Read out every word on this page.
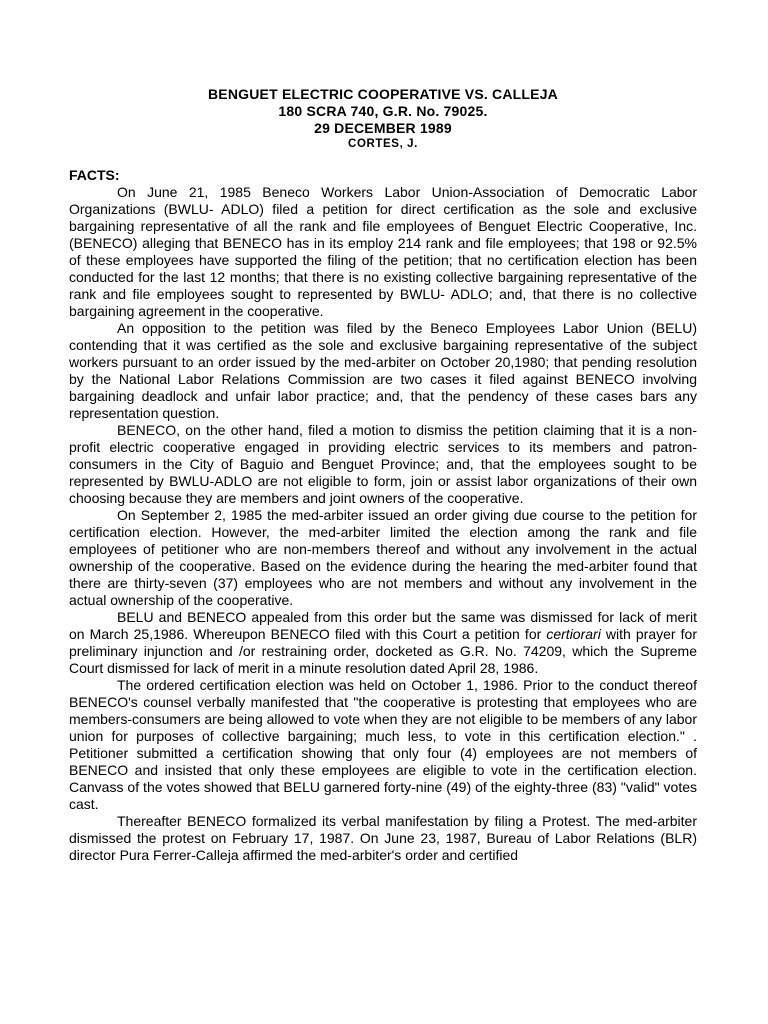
BENGUET ELECTRIC COOPERATIVE VS. CALLEJA
180 SCRA 740, G.R. No. 79025.
29 DECEMBER 1989
CORTES, J.
FACTS:

On June 21, 1985 Beneco Workers Labor Union-Association of Democratic Labor Organizations (BWLU- ADLO) filed a petition for direct certification as the sole and exclusive bargaining representative of all the rank and file employees of Benguet Electric Cooperative, Inc. (BENECO) alleging that BENECO has in its employ 214 rank and file employees; that 198 or 92.5% of these employees have supported the filing of the petition; that no certification election has been conducted for the last 12 months; that there is no existing collective bargaining representative of the rank and file employees sought to represented by BWLU- ADLO; and, that there is no collective bargaining agreement in the cooperative.

An opposition to the petition was filed by the Beneco Employees Labor Union (BELU) contending that it was certified as the sole and exclusive bargaining representative of the subject workers pursuant to an order issued by the med-arbiter on October 20,1980; that pending resolution by the National Labor Relations Commission are two cases it filed against BENECO involving bargaining deadlock and unfair labor practice; and, that the pendency of these cases bars any representation question.

BENECO, on the other hand, filed a motion to dismiss the petition claiming that it is a non-profit electric cooperative engaged in providing electric services to its members and patron-consumers in the City of Baguio and Benguet Province; and, that the employees sought to be represented by BWLU-ADLO are not eligible to form, join or assist labor organizations of their own choosing because they are members and joint owners of the cooperative.

On September 2, 1985 the med-arbiter issued an order giving due course to the petition for certification election. However, the med-arbiter limited the election among the rank and file employees of petitioner who are non-members thereof and without any involvement in the actual ownership of the cooperative. Based on the evidence during the hearing the med-arbiter found that there are thirty-seven (37) employees who are not members and without any involvement in the actual ownership of the cooperative.

BELU and BENECO appealed from this order but the same was dismissed for lack of merit on March 25,1986. Whereupon BENECO filed with this Court a petition for certiorari with prayer for preliminary injunction and /or restraining order, docketed as G.R. No. 74209, which the Supreme Court dismissed for lack of merit in a minute resolution dated April 28, 1986.

The ordered certification election was held on October 1, 1986. Prior to the conduct thereof BENECO's counsel verbally manifested that "the cooperative is protesting that employees who are members-consumers are being allowed to vote when they are not eligible to be members of any labor union for purposes of collective bargaining; much less, to vote in this certification election." . Petitioner submitted a certification showing that only four (4) employees are not members of BENECO and insisted that only these employees are eligible to vote in the certification election. Canvass of the votes showed that BELU garnered forty-nine (49) of the eighty-three (83) "valid" votes cast.

Thereafter BENECO formalized its verbal manifestation by filing a Protest. The med-arbiter dismissed the protest on February 17, 1987. On June 23, 1987, Bureau of Labor Relations (BLR) director Pura Ferrer-Calleja affirmed the med-arbiter's order and certified
